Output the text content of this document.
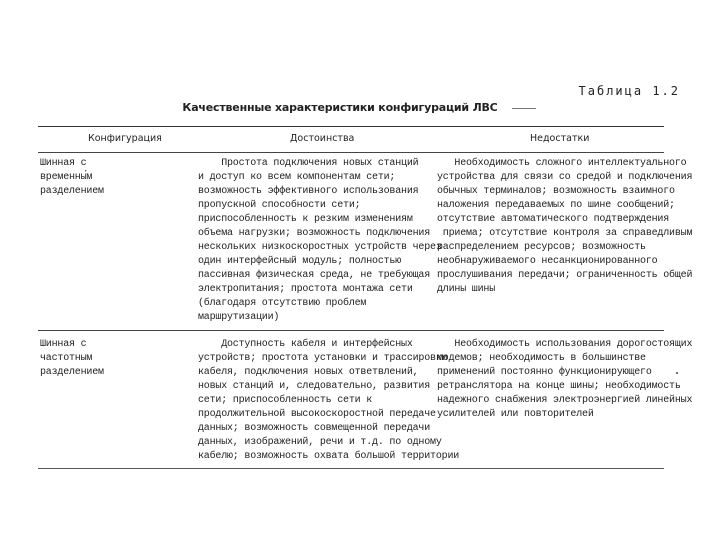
Таблица 1.2
Качественные характеристики конфигураций ЛВС
Конфигурация	Достоинства	Недостатки
Шинная с
временны́м
разделением
Простота подключения новых станций
и доступ ко всем компонентам сети;
возможность эффективного использования
пропускной способности сети;
приспособленность к резким изменениям
объема нагрузки; возможность подключения
нескольких низкоскоростных устройств через
один интерфейсный модуль; полностью
пассивная физическая среда, не требующая
электропитания; простота монтажа сети
(благодаря отсутствию проблем
маршрутизации)
Необходимость сложного интеллектуального
устройства для связи со средой и подключения
обычных терминалов; возможность взаимного
наложения передаваемых по шине сообщений;
отсутствие автоматического подтверждения
приема; отсутствие контроля за справедливым
распределением ресурсов; возможность
необнаруживаемого несанкционированного
прослушивания передачи; ограниченность общей
длины шины
Шинная с
частотным
разделением
Доступность кабеля и интерфейсных
устройств; простота установки и трассировки
кабеля, подключения новых ответвлений,
новых станций и, следовательно, развития
сети; приспособленность сети к
продолжительной высокоскоростной передаче
данных; возможность совмещенной передачи
данных, изображений, речи и т.д. по одному
кабелю; возможность охвата большой территории
Необходимость использования дорогостоящих
модемов; необходимость в большинстве
применений постоянно функционирующего
ретранслятора на конце шины; необходимость
надежного снабжения электроэнергией линейных
усилителей или повторителей
